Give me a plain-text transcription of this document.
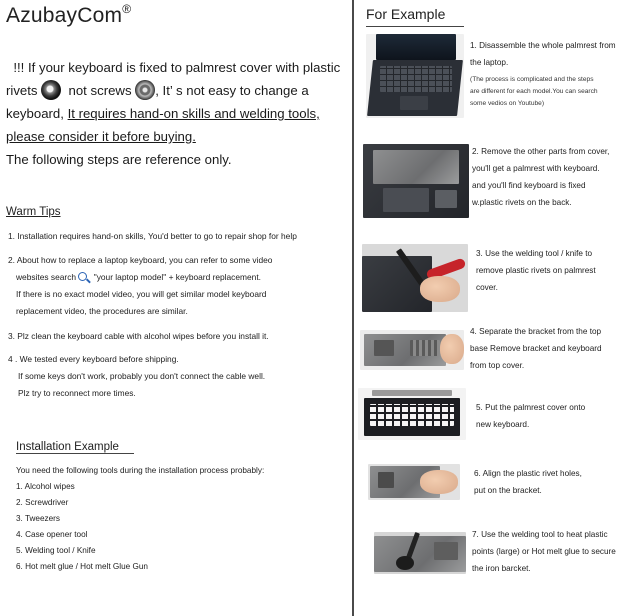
AzubayCom®
!!! If your keyboard is fixed to palmrest cover with plastic
rivets not screws , It’ s not easy to change a
keyboard, It requires hand-on skills and welding tools,
please consider it before buying.
The following steps are reference only.
Warm Tips
1. Installation requires hand-on skills, You'd better to go to repair shop for help
2. About how to replace a laptop keyboard, you can refer to some video
websites search "your laptop model" + keyboard replacement.
If there is no exact model video, you will get similar model keyboard
replacement video, the procedures are similar.
3. Plz clean the keyboard cable with alcohol wipes before you install it.
4 . We tested every keyboard before shipping.
If some keys don't work, probably you don't connect the cable well.
Plz try to reconnect more times.
Installation Example
You need the following tools during the installation process probably:
1. Alcohol wipes
2. Screwdriver
3. Tweezers
4. Case opener tool
5. Welding tool / Knife
6. Hot melt glue / Hot melt Glue Gun
For Example
1. Disassemble the whole palmrest from
the laptop.
(The process is complicated and the steps
are different for each model.You can search
some vedios on Youtube)
2. Remove the other parts from cover,
you'll get a palmrest with keyboard.
and you'll find keyboard is fixed
w.plastic rivets on the back.
3. Use the welding tool / knife to
remove plastic rivets on palmrest
cover.
4. Separate the bracket from the top
base Remove bracket and keyboard
from top cover.
5. Put the palmrest cover onto
new keyboard.
6. Align the plastic rivet holes,
put on the bracket.
7. Use the welding tool to heat plastic
points (large) or Hot melt glue to secure
the iron barcket.
